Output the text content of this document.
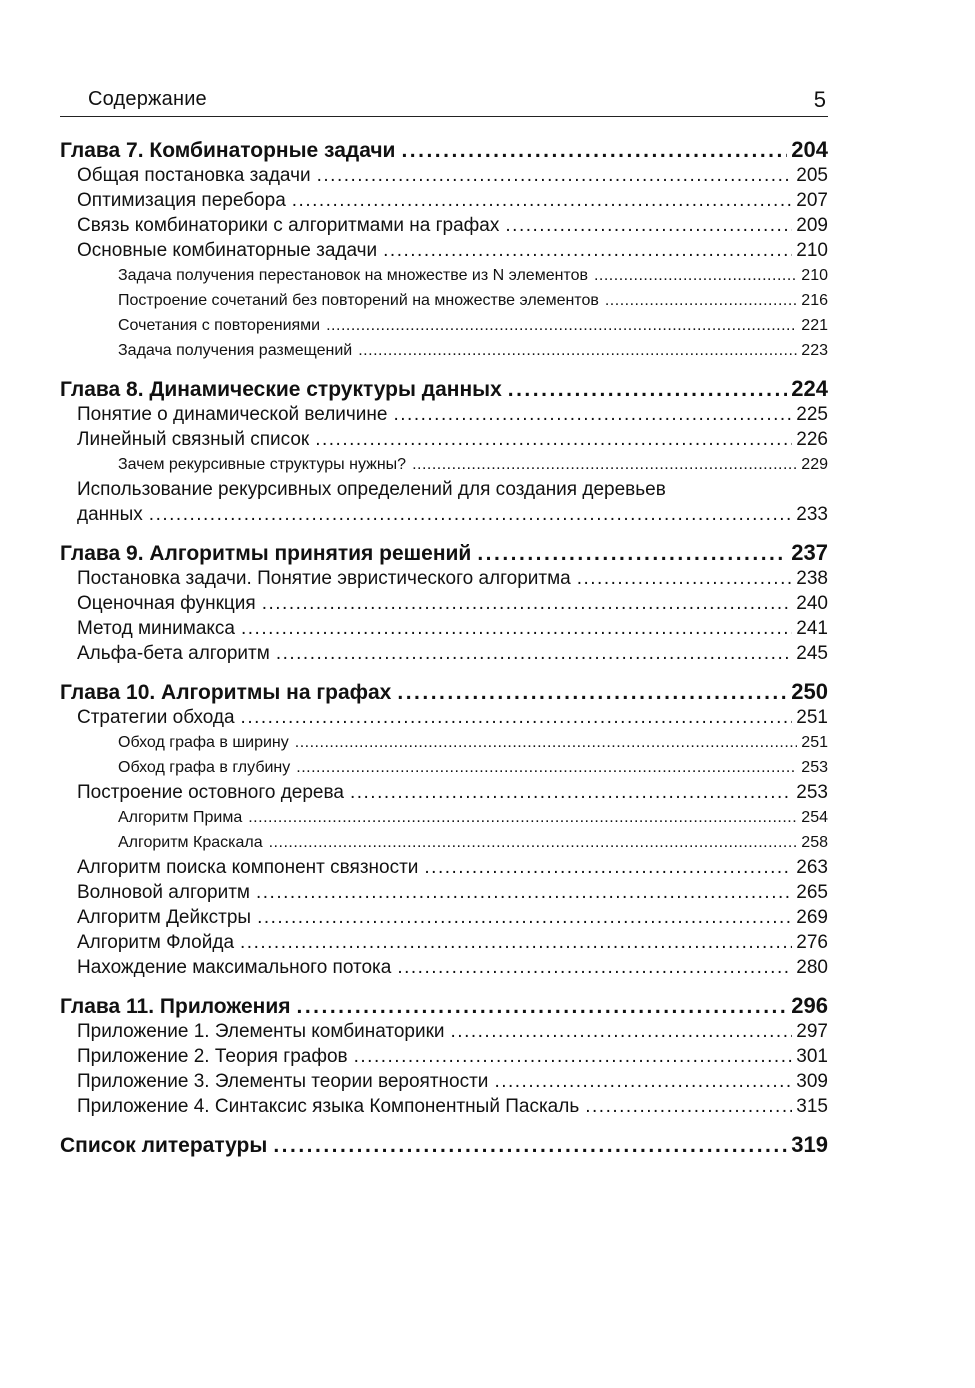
Содержание	5
Глава 7. Комбинаторные задачи .....	204
Общая постановка задачи .....	205
Оптимизация перебора .....	207
Связь комбинаторики с алгоритмами на графах .....	209
Основные комбинаторные задачи .....	210
Задача получения перестановок на множестве из N элементов .....	210
Построение сочетаний без повторений на множестве элементов .....	216
Сочетания с повторениями .....	221
Задача получения размещений .....	223
Глава 8. Динамические структуры данных .....	224
Понятие о динамической величине .....	225
Линейный связный список .....	226
Зачем рекурсивные структуры нужны? .....	229
Использование рекурсивных определений для создания деревьев
данных .....	233
Глава 9. Алгоритмы принятия решений .....	237
Постановка задачи. Понятие эвристического алгоритма .....	238
Оценочная функция .....	240
Метод минимакса .....	241
Альфа-бета алгоритм .....	245
Глава 10. Алгоритмы на графах .....	250
Стратегии обхода .....	251
Обход графа в ширину .....	251
Обход графа в глубину .....	253
Построение остовного дерева .....	253
Алгоритм Прима .....	254
Алгоритм Краскала .....	258
Алгоритм поиска компонент связности .....	263
Волновой алгоритм .....	265
Алгоритм Дейкстры .....	269
Алгоритм Флойда .....	276
Нахождение максимального потока .....	280
Глава 11. Приложения .....	296
Приложение 1. Элементы комбинаторики .....	297
Приложение 2. Теория графов .....	301
Приложение 3. Элементы теории вероятности .....	309
Приложение 4. Синтаксис языка Компонентный Паскаль .....	315
Список литературы .....	319
